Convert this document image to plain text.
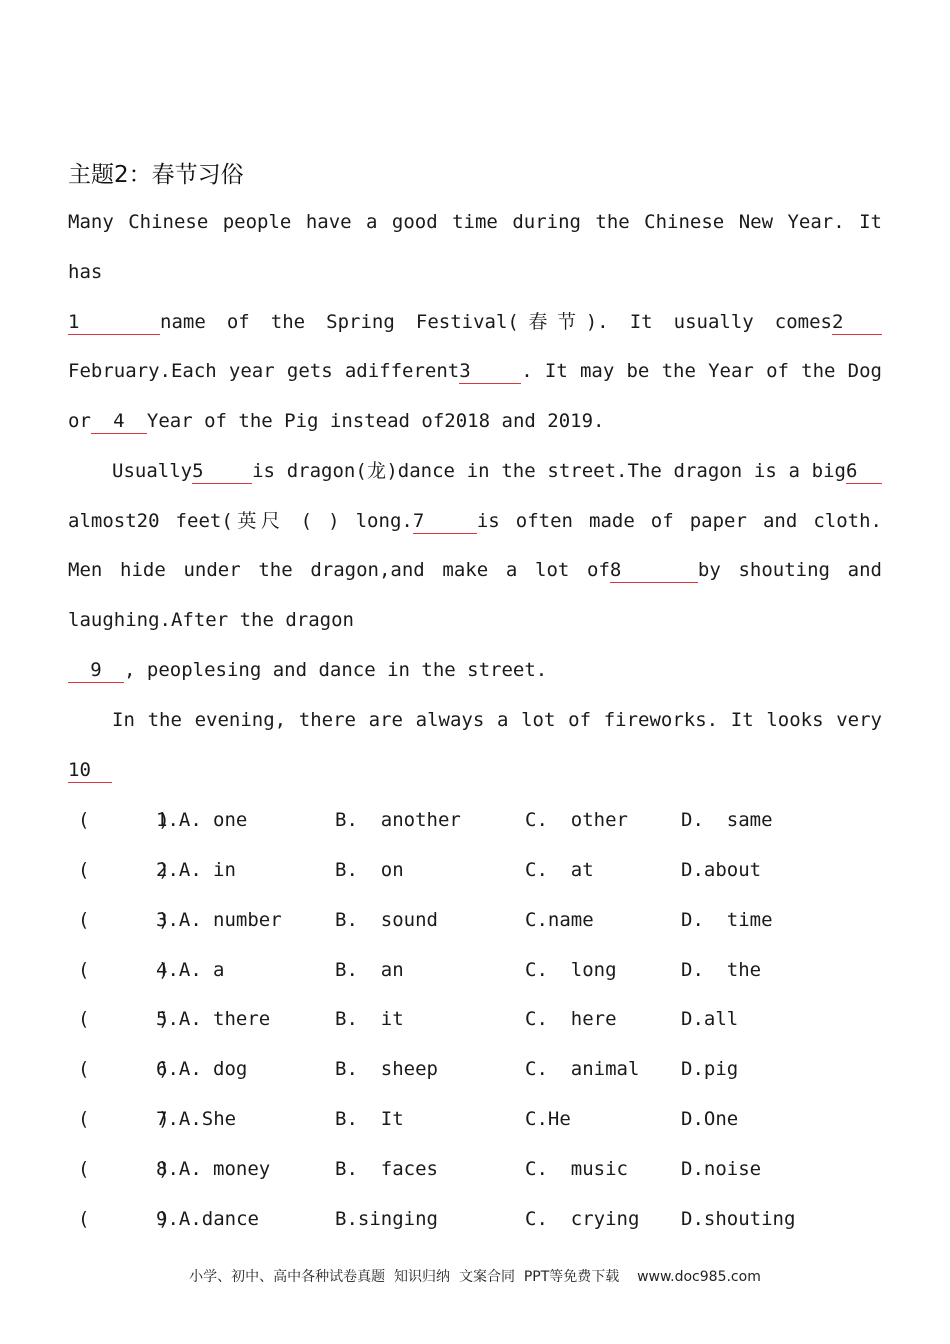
主题2：春节习俗

Many Chinese people have a good time during the Chinese New Year. It

has

1	name of the Spring Festival(春节). It usually comes2

February.Each year gets adifferent3	. It may be the Year of the Dog

or 4 Year of the Pig instead of2018 and 2019.

Usually5	is dragon(龙)dance in the street.The dragon is a big6

almost20 feet(英尺 ( ) long.7	is often made of paper and cloth.

Men hide under the dragon,and make a lot of8	by shouting and

laughing.After the dragon

9 , peoplesing and dance in the street.

In the evening, there are always a lot of fireworks. It looks very

10

(      )
1.A. one	B.  another	C.  other	D.  same
(      )
2.A. in	B.  on	C.  at	D.about
(      )
3.A. number	B.  sound	C.name	D.  time
(      )
4.A. a	B.  an	C.  long	D.  the
(      )
5.A. there	B.  it	C.  here	D.all
(      )
6.A. dog	B.  sheep	C.  animal D.pig
(      )
7.A.She	B.  It	C.He	D.One
(      )
8.A. money	B.  faces	C.  music	D.noise
(      )
9.A.dance	B.singing	C.  crying D.shouting
小学、初中、高中各种试卷真题  知识归纳  文案合同  PPT等免费下载    www.doc985.com
